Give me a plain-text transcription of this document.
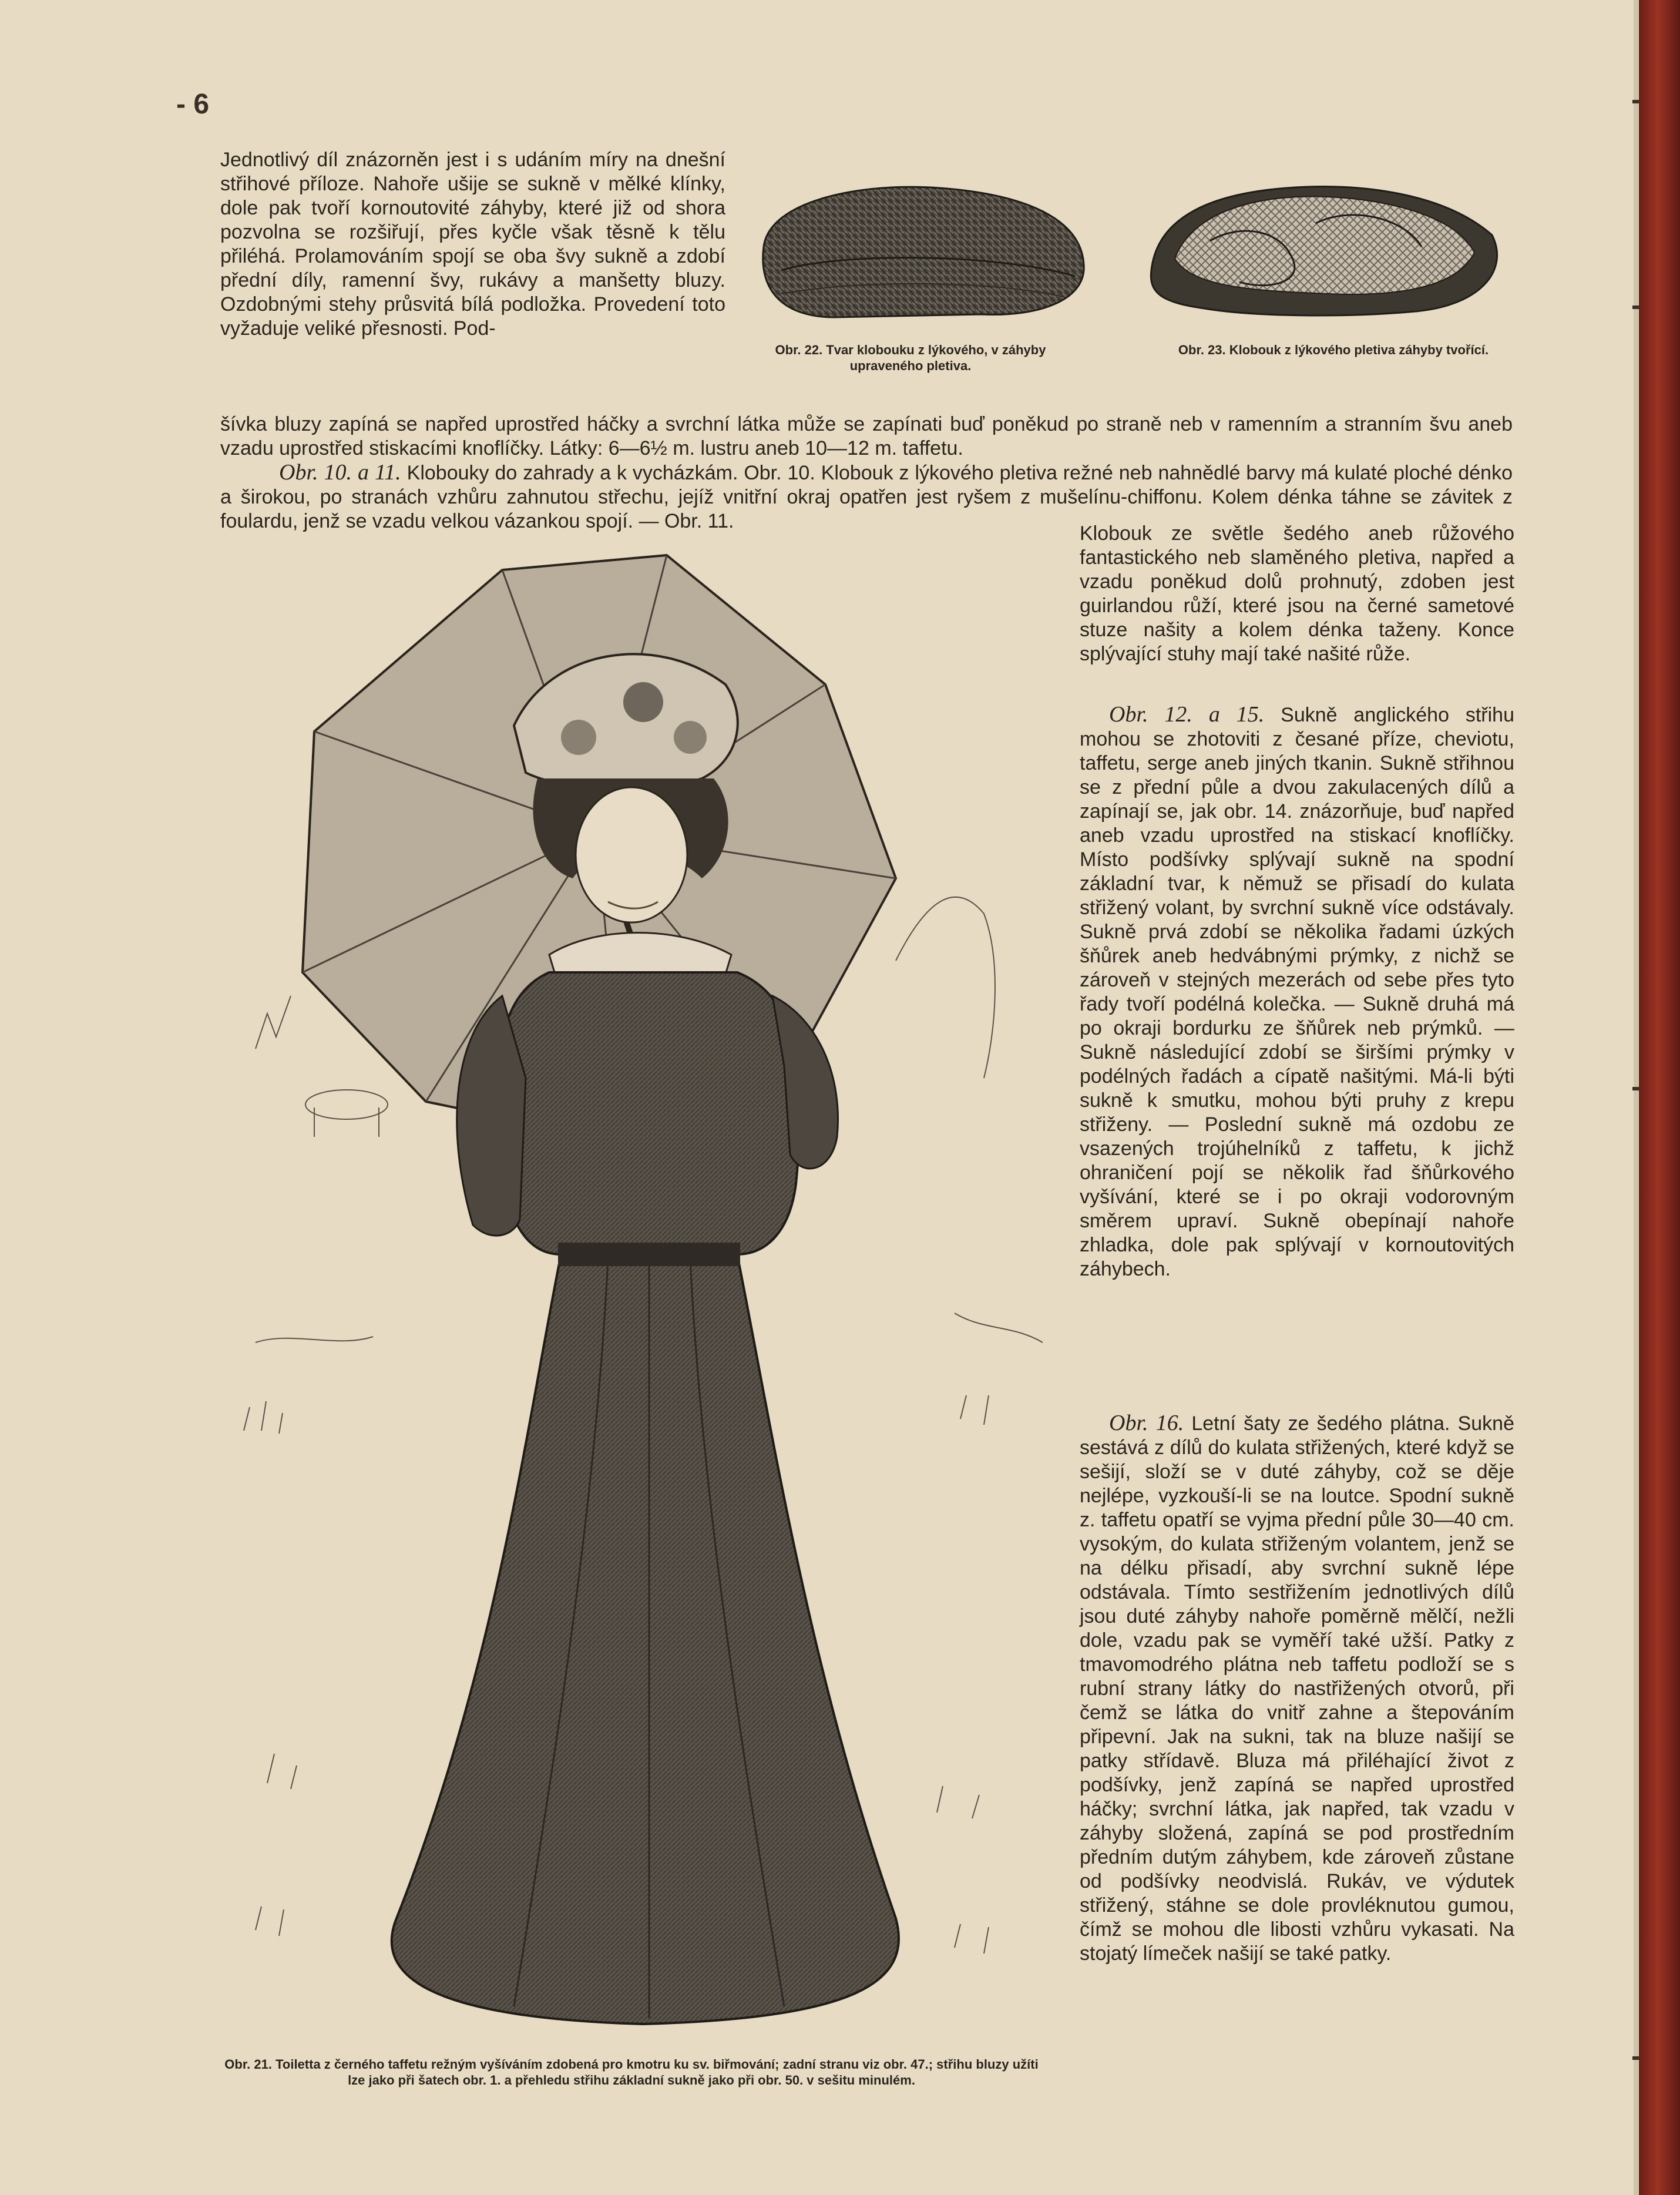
- 6

Jednotlivý díl znázorněn jest i s udáním míry na dnešní střihové příloze. Nahoře ušije se sukně v mělké klínky, dole pak tvoří kornoutovité záhyby, které již od shora pozvolna se rozšiřují, přes kyčle však těsně k tělu přiléhá. Prolamováním spojí se oba švy sukně a zdobí přední díly, ramenní švy, rukávy a manšetty bluzy. Ozdobnými stehy průsvitá bílá podložka. Provedení toto vyžaduje veliké přesnosti. Pod-

Obr. 22. Tvar klobouku z lýkového, v záhyby upraveného pletiva.

Obr. 23. Klobouk z lýkového pletiva záhyby tvořící.

šívka bluzy zapíná se napřed uprostřed háčky a svrchní látka může se zapínati buď poněkud po straně neb v ramenním a stranním švu aneb vzadu uprostřed stiskacími knoflíčky. Látky: 6—6½ m. lustru aneb 10—12 m. taffetu.

Obr. 10. a 11. Klobouky do zahrady a k vycházkám. Obr. 10. Klobouk z lýkového pletiva režné neb nahnědlé barvy má kulaté ploché dénko a širokou, po stranách vzhůru zahnutou střechu, jejíž vnitřní okraj opatřen jest ryšem z mušelínu-chiffonu. Kolem dénka táhne se závitek z foulardu, jenž se vzadu velkou vázankou spojí. — Obr. 11.

Obr. 21. Toiletta z černého taffetu režným vyšíváním zdobená pro kmotru ku sv. biřmování; zadní stranu viz obr. 47.; střihu bluzy užíti lze jako při šatech obr. 1. a přehledu střihu základní sukně jako při obr. 50. v sešitu minulém.

Klobouk ze světle šedého aneb růžového fantastického neb slaměného pletiva, napřed a vzadu poněkud dolů prohnutý, zdoben jest guirlandou růží, které jsou na černé sametové stuze našity a kolem dénka taženy. Konce splývající stuhy mají také našité růže.

Obr. 12. a 15. Sukně anglického střihu mohou se zhotoviti z česané příze, cheviotu, taffetu, serge aneb jiných tkanin. Sukně střihnou se z přední půle a dvou zakulacených dílů a zapínají se, jak obr. 14. znázorňuje, buď napřed aneb vzadu uprostřed na stiskací knoflíčky. Místo podšívky splývají sukně na spodní základní tvar, k němuž se přisadí do kulata střižený volant, by svrchní sukně více odstávaly. Sukně prvá zdobí se několika řadami úzkých šňůrek aneb hedvábnými prýmky, z nichž se zároveň v stejných mezerách od sebe přes tyto řady tvoří podélná kolečka. — Sukně druhá má po okraji bordurku ze šňůrek neb prýmků. — Sukně následující zdobí se širšími prýmky v podélných řadách a cípatě našitými. Má-li býti sukně k smutku, mohou býti pruhy z krepu střiženy. — Poslední sukně má ozdobu ze vsazených trojúhelníků z taffetu, k jichž ohraničení pojí se několik řad šňůrkového vyšívání, které se i po okraji vodorovným směrem upraví. Sukně obepínají nahoře zhladka, dole pak splývají v kornoutovitých záhybech.

Obr. 16. Letní šaty ze šedého plátna. Sukně sestává z dílů do kulata střižených, které když se sešijí, složí se v duté záhyby, což se děje nejlépe, vyzkouší-li se na loutce. Spodní sukně z. taffetu opatří se vyjma přední půle 30—40 cm. vysokým, do kulata střiženým volantem, jenž se na délku přisadí, aby svrchní sukně lépe odstávala. Tímto sestřižením jednotlivých dílů jsou duté záhyby nahoře poměrně mělčí, nežli dole, vzadu pak se vyměří také užší. Patky z tmavomodrého plátna neb taffetu podloží se s rubní strany látky do nastřižených otvorů, při čemž se látka do vnitř zahne a štepováním připevní. Jak na sukni, tak na bluze našijí se patky střídavě. Bluza má přiléhající život z podšívky, jenž zapíná se napřed uprostřed háčky; svrchní látka, jak napřed, tak vzadu v záhyby složená, zapíná se pod prostředním předním dutým záhybem, kde zároveň zůstane od podšívky neodvislá. Rukáv, ve výdutek střižený, stáhne se dole provléknutou gumou, čímž se mohou dle libosti vzhůru vykasati. Na stojatý límeček našijí se také patky.
